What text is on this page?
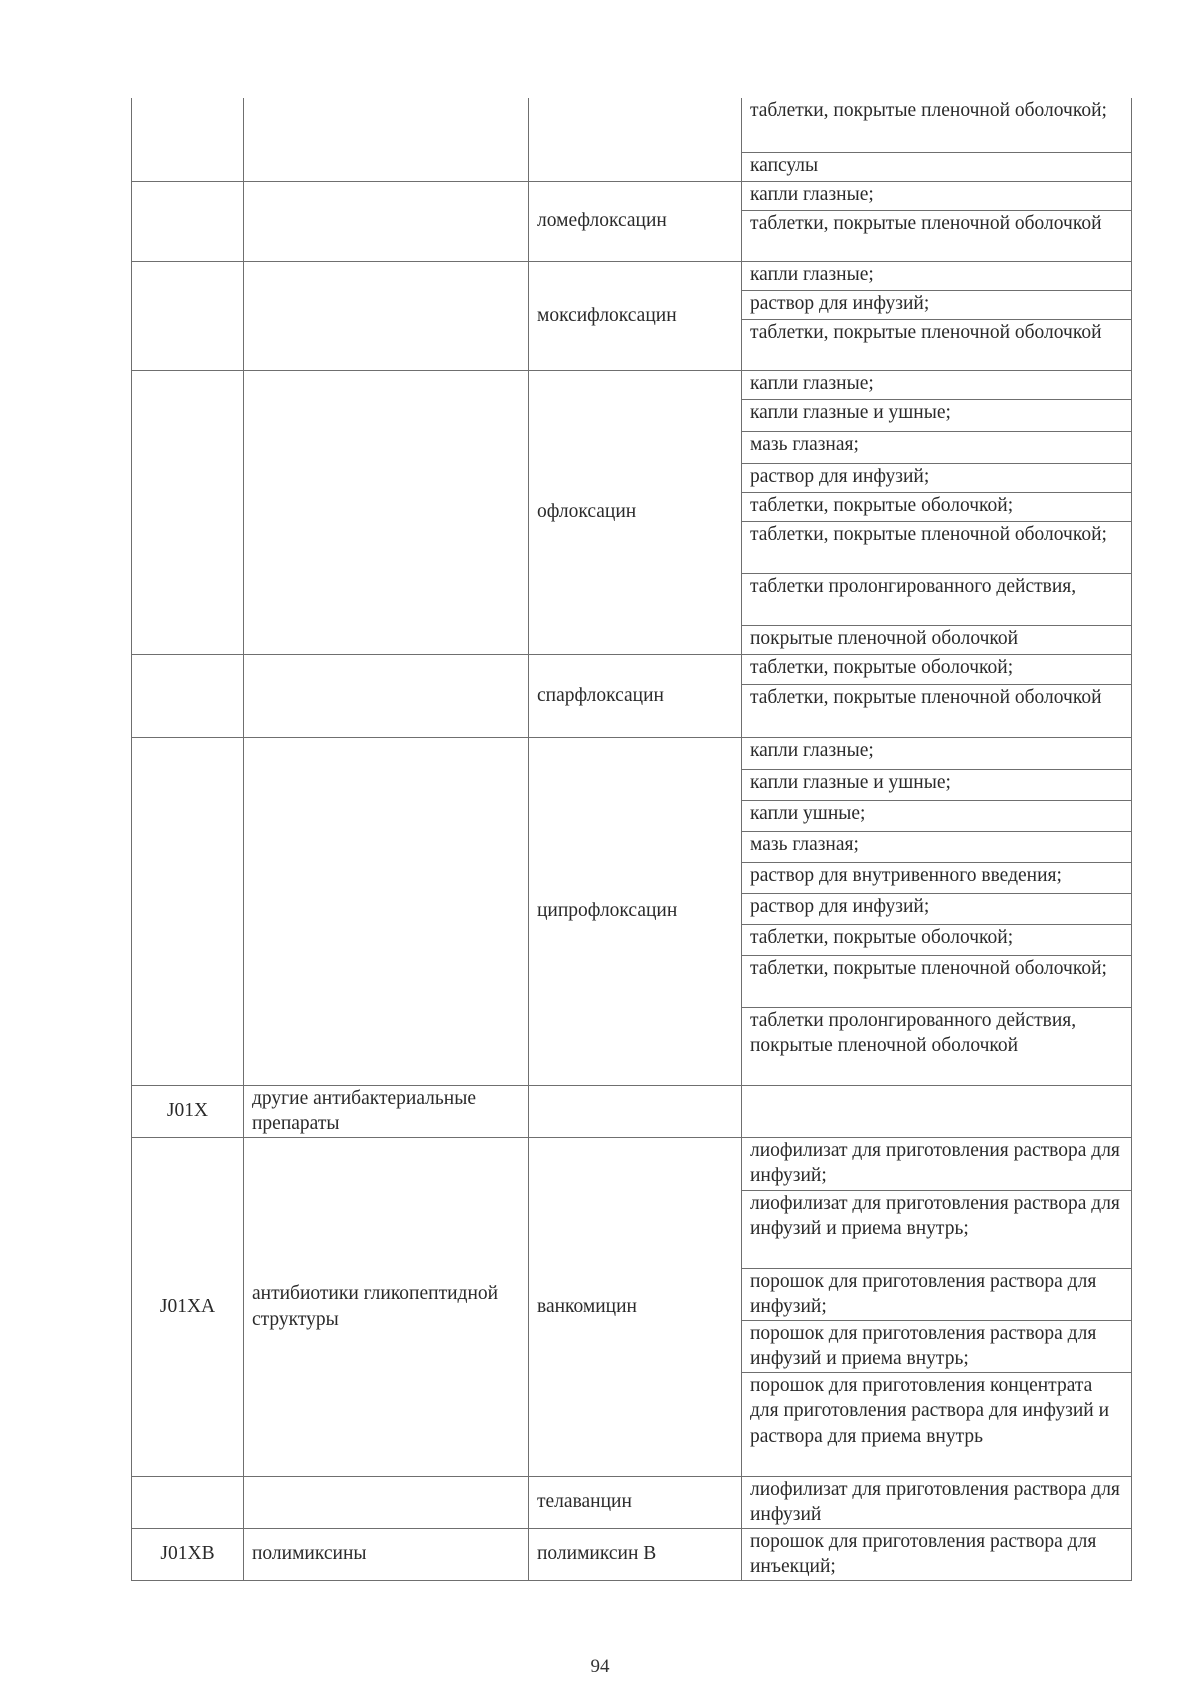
			таблетки, покрытые пленочной оболочкой;
			капсулы
		ломефлоксацин	капли глазные;
			таблетки, покрытые пленочной оболочкой
		моксифлоксацин	капли глазные;
			раствор для инфузий;
			таблетки, покрытые пленочной оболочкой
		офлоксацин	капли глазные;
			капли глазные и ушные;
			мазь глазная;
			раствор для инфузий;
			таблетки, покрытые оболочкой;
			таблетки, покрытые пленочной оболочкой;
			таблетки пролонгированного действия,
			покрытые пленочной оболочкой
		спарфлоксацин	таблетки, покрытые оболочкой;
			таблетки, покрытые пленочной оболочкой
		ципрофлоксацин	капли глазные;
			капли глазные и ушные;
			капли ушные;
			мазь глазная;
			раствор для внутривенного введения;
			раствор для инфузий;
			таблетки, покрытые оболочкой;
			таблетки, покрытые пленочной оболочкой;
			таблетки пролонгированного действия, покрытые пленочной оболочкой
J01X	другие антибактериальные препараты		
J01XA	антибиотики гликопептидной структуры	ванкомицин	лиофилизат для приготовления раствора для инфузий;
			лиофилизат для приготовления раствора для инфузий и приема внутрь;
			порошок для приготовления раствора для инфузий;
			порошок для приготовления раствора для инфузий и приема внутрь;
			порошок для приготовления концентрата для приготовления раствора для инфузий и раствора для приема внутрь
		телаванцин	лиофилизат для приготовления раствора для инфузий
J01XB	полимиксины	полимиксин В	порошок для приготовления раствора для инъекций;
94
